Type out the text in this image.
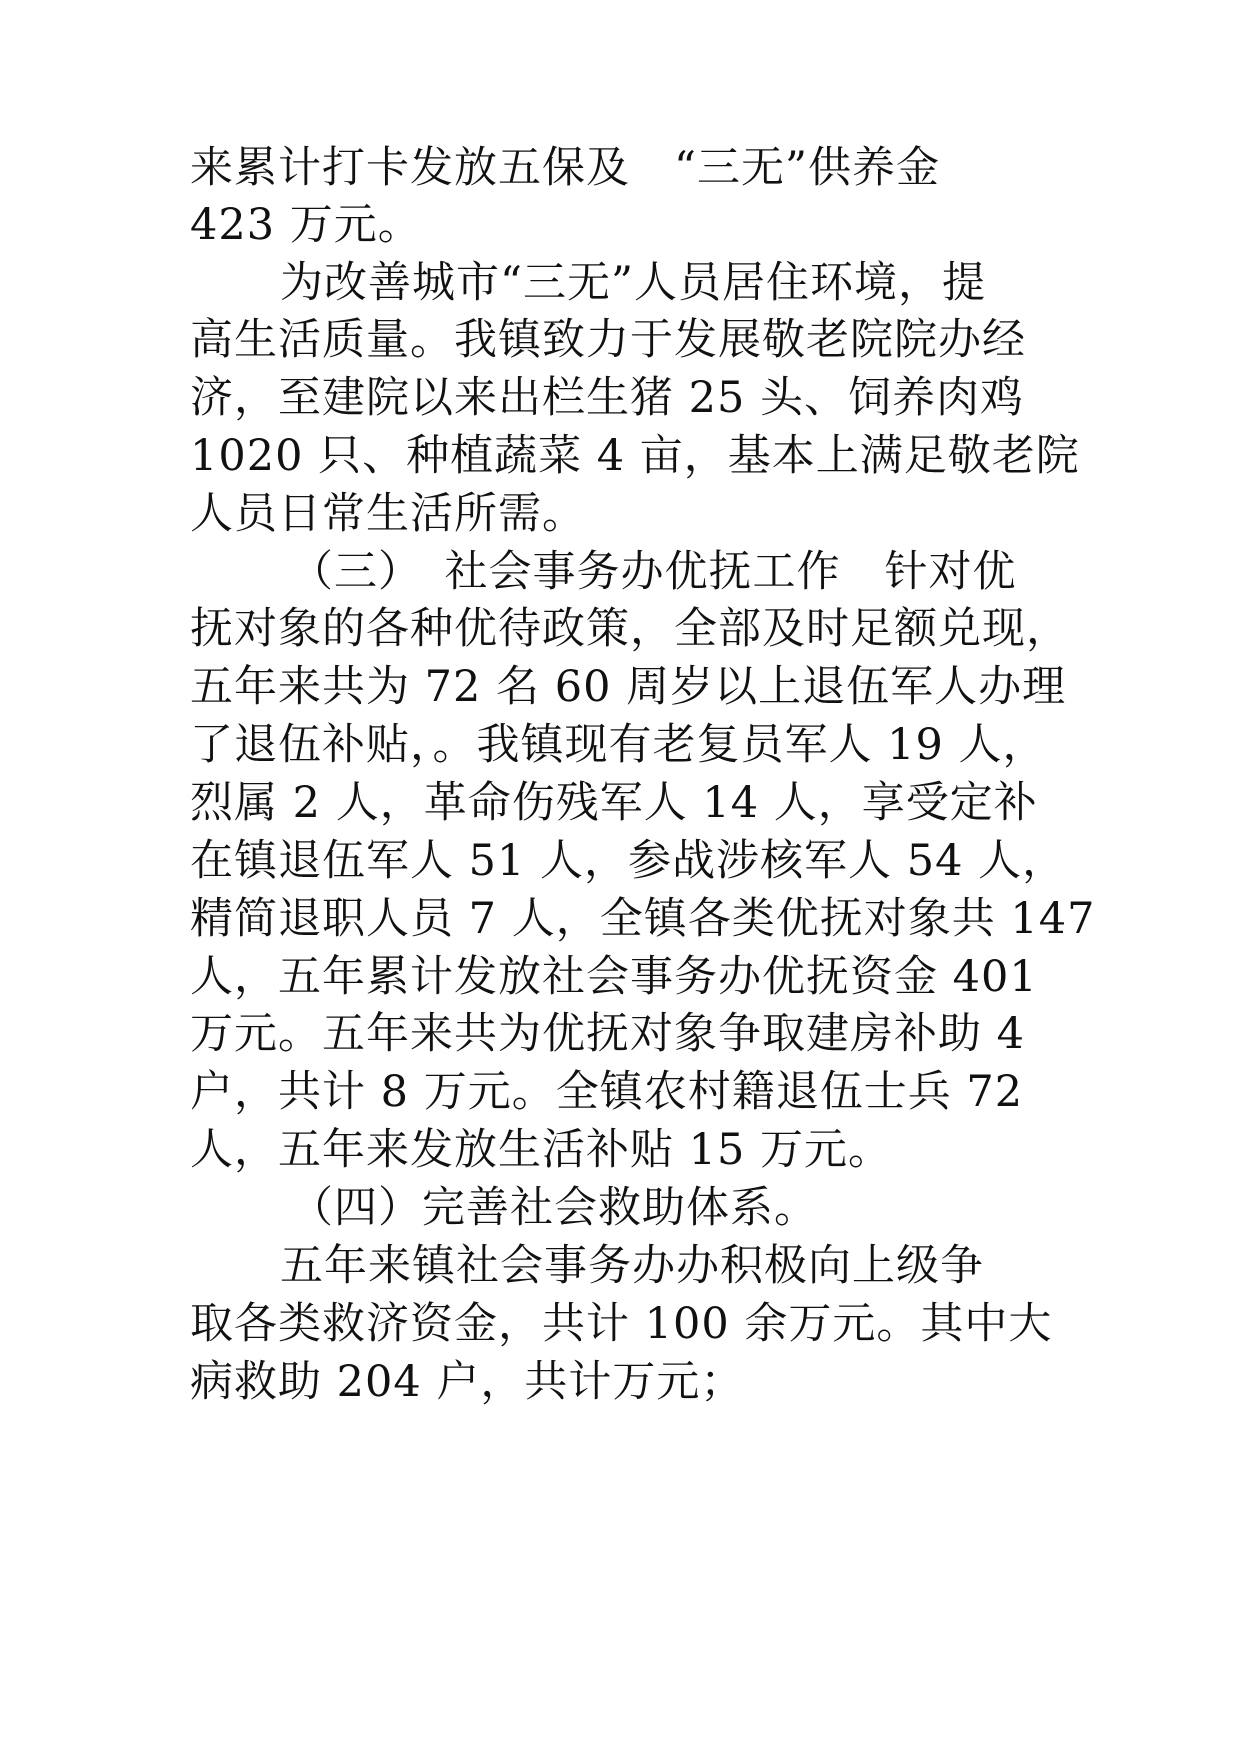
来累计打卡发放五保及　“三无”供养金
423 万元。
为改善城市“三无”人员居住环境，提
高生活质量。我镇致力于发展敬老院院办经
济，至建院以来出栏生猪 25 头、饲养肉鸡
1020 只、种植蔬菜 4 亩，基本上满足敬老院
人员日常生活所需。
（三）　社会事务办优抚工作　针对优
抚对象的各种优待政策，全部及时足额兑现，
五年来共为 72 名 60 周岁以上退伍军人办理
了退伍补贴，。我镇现有老复员军人 19 人，
烈属 2 人，革命伤残军人 14 人，享受定补
在镇退伍军人 51 人，参战涉核军人 54 人，
精简退职人员 7 人，全镇各类优抚对象共 147
人，五年累计发放社会事务办优抚资金 401
万元。五年来共为优抚对象争取建房补助 4
户，共计 8 万元。全镇农村籍退伍士兵 72
人，五年来发放生活补贴 15 万元。
（四）完善社会救助体系。
五年来镇社会事务办办积极向上级争
取各类救济资金，共计 100 余万元。其中大
病救助 204 户，共计万元；
